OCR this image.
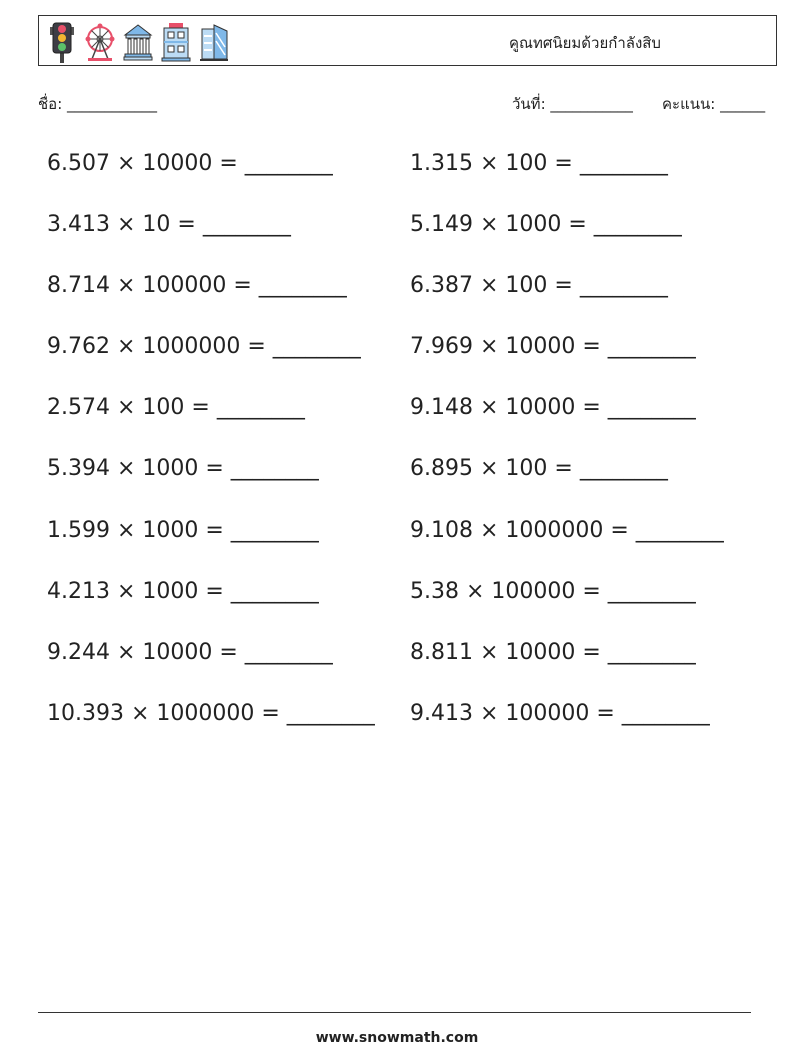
คูณทศนิยมด้วยกำลังสิบ
ชื่อ: ____________	วันที่: ___________ คะแนน: ______
6.507 × 10000 = ________	1.315 × 100 = ________
3.413 × 10 = ________	5.149 × 1000 = ________
8.714 × 100000 = ________	6.387 × 100 = ________
9.762 × 1000000 = ________	7.969 × 10000 = ________
2.574 × 100 = ________	9.148 × 10000 = ________
5.394 × 1000 = ________	6.895 × 100 = ________
1.599 × 1000 = ________	9.108 × 1000000 = ________
4.213 × 1000 = ________	5.38 × 100000 = ________
9.244 × 10000 = ________	8.811 × 10000 = ________
10.393 × 1000000 = ________	9.413 × 100000 = ________
www.snowmath.com
